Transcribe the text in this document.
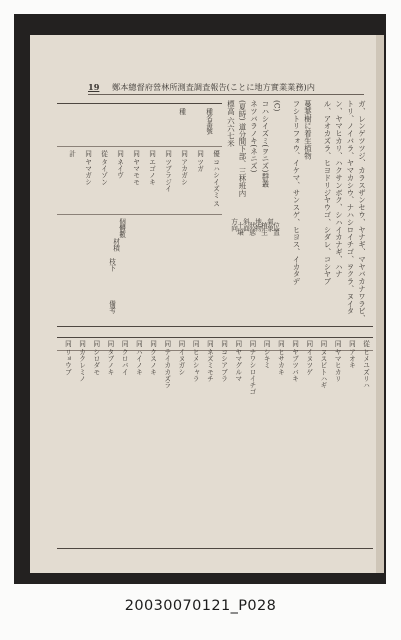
19 鄭本總督府營林所測査調査報告(ことに地方實業業務)内
ガ、レンゲツツジ、カラスザンセウ、ヤナギ、マヤバカナワラビ、
トリ、ノイバラ、ヤマカシウ、ナハシロイチゴ、ヲクラ、ヌイタ
ン、ヤマヒカリ、ハクサンボク、シハイカナギ、ハナ
ル、アオカズラ、ヒヨドリジヤウゴ、シダレ、コシヤブ
蔓葉樹に着生植物
フシトリフォウ、イケマ、サンスゲ、ヒヨス、イカタデ
(C)
コハシイズミ(ヲニズ)群叢
ネツバラノキ(ネニズ)
(夏時) 道分間下部、三林班内
標高 六六七米
優 コハシイズミ ス
同 ツガ
同 アカガシ
同 ツブラジイ
同 エゴノキ
同 ヤマモモ
同 ネイヴ
從 タイゾン
同 ヤマガシ
計
方向
土壌
斜面
狀態
地物
植生
氣象
位置
種名番號
種
個體數
材積
枝下
備考
從 ヒメユズリハ
同 アオキ
同 ヤマヒカリ
同 ヌスビトハギ
同 イヌツゲ
同 ヤブツバキ
同 ヒサカキ
同 シキミ
同 ナワシロイチゴ
同 ヤマグルマ
同 コシアブラ
同 ネズミモチ
同 ヒメシャラ
同 イヌガシ
同 テイカカズラ
同 クスノキ
同 ハイノキ
同 クロバイ
同 タブノキ
同 シロダモ
同 カクレミノ
同 リョウブ
20030070121_P028
